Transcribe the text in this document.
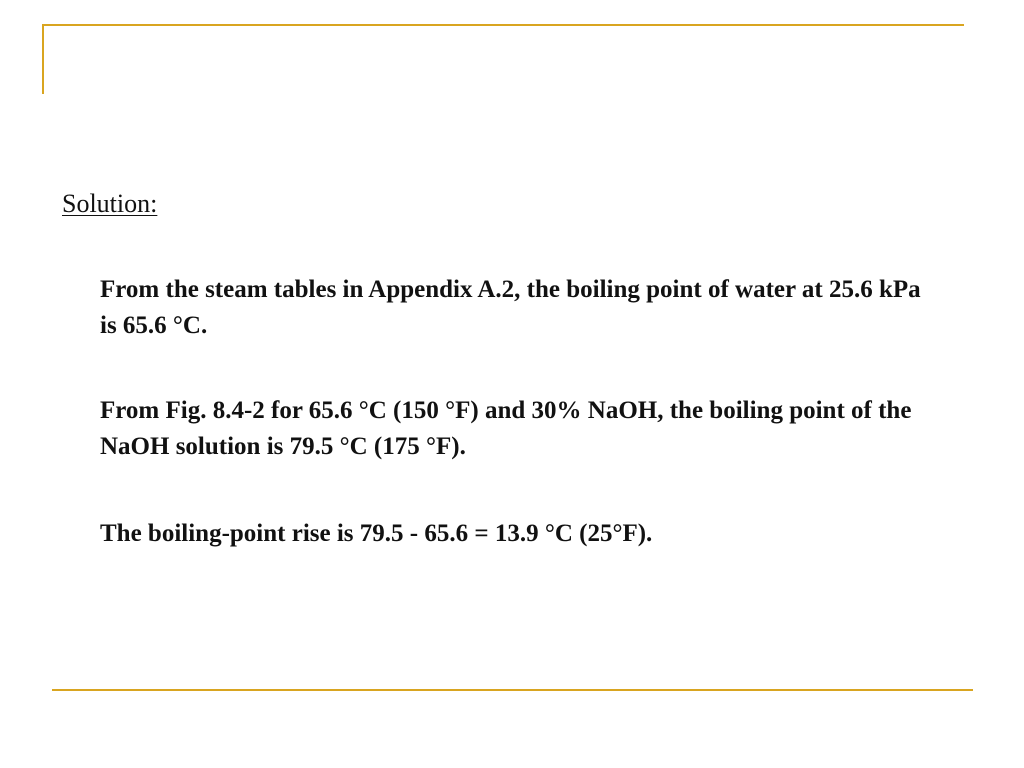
Solution:

From the steam tables in Appendix A.2, the boiling point of water at 25.6 kPa is 65.6 °C.

From Fig. 8.4-2 for 65.6 °C (150 °F) and 30% NaOH, the boiling point of the NaOH solution is 79.5 °C (175 °F).

The boiling-point rise is 79.5 - 65.6 = 13.9 °C (25°F).
